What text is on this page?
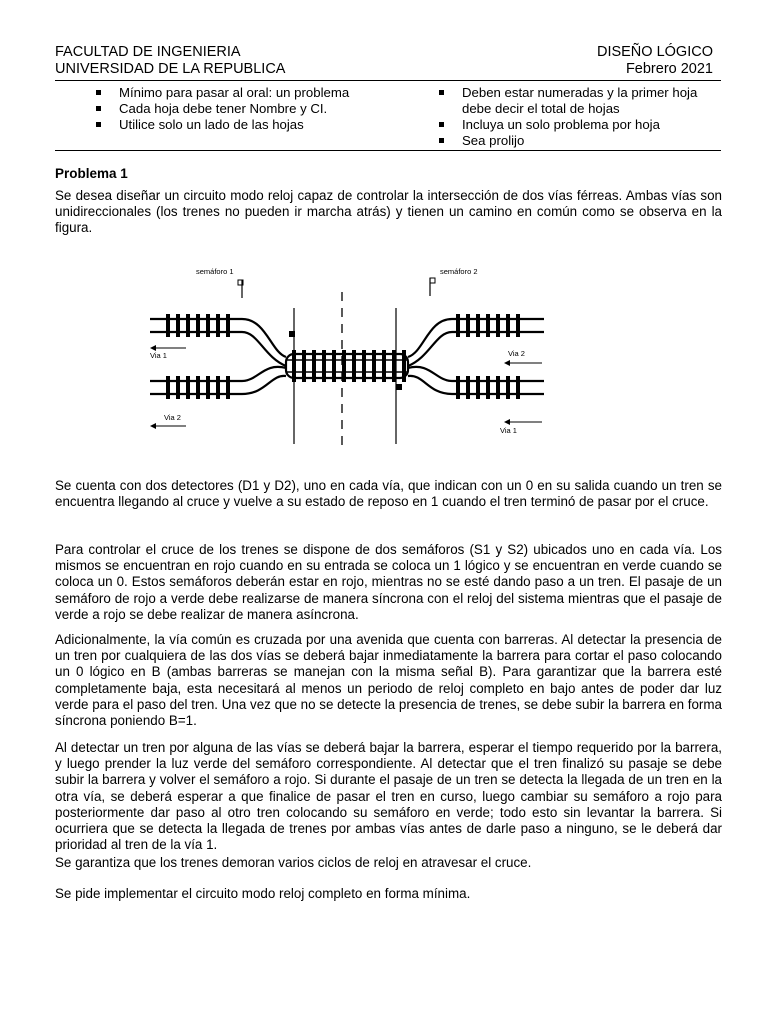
FACULTAD DE INGENIERIA
UNIVERSIDAD DE LA REPUBLICA
DISEÑO LÓGICO
Febrero 2021
Mínimo para pasar al oral: un problema
Cada hoja debe tener Nombre y CI.
Utilice solo un lado de las hojas
Deben estar numeradas y la primer hoja debe decir el total de hojas
Incluya un solo problema por hoja
Sea prolijo
Problema 1

Se desea diseñar un circuito modo reloj capaz de controlar la intersección de dos vías férreas. Ambas vías son unidireccionales (los trenes no pueden ir marcha atrás) y tienen un camino en común como se observa en la figura.

semáforo 1	semáforo 2
Via 1
Via 2
Via 2
Via 1

Se cuenta con dos detectores (D1 y D2), uno en cada vía, que indican con un 0 en su salida cuando un tren se encuentra llegando al cruce y vuelve a su estado de reposo en 1 cuando el tren terminó de pasar por el cruce.

Para controlar el cruce de los trenes se dispone de dos semáforos (S1 y S2) ubicados uno en cada vía. Los mismos se encuentran en rojo cuando en su entrada se coloca un 1 lógico y se encuentran en verde cuando se coloca un 0. Estos semáforos deberán estar en rojo, mientras no se esté dando paso a un tren. El pasaje de un semáforo de rojo a verde debe realizarse de manera síncrona con el reloj del sistema mientras que el pasaje de verde a rojo se debe realizar de manera asíncrona.

Adicionalmente, la vía común es cruzada por una avenida que cuenta con barreras. Al detectar la presencia de un tren por cualquiera de las dos vías se deberá bajar inmediatamente la barrera para cortar el paso colocando un 0 lógico en B (ambas barreras se manejan con la misma señal B). Para garantizar que la barrera esté completamente baja, esta necesitará al menos un periodo de reloj completo en bajo antes de poder dar luz verde para el paso del tren. Una vez que no se detecte la presencia de trenes, se debe subir la barrera en forma síncrona poniendo B=1.

Al detectar un tren por alguna de las vías se deberá bajar la barrera, esperar el tiempo requerido por la barrera, y luego prender la luz verde del semáforo correspondiente. Al detectar que el tren finalizó su pasaje se debe subir la barrera y volver el semáforo a rojo. Si durante el pasaje de un tren se detecta la llegada de un tren en la otra vía, se deberá esperar a que finalice de pasar el tren en curso, luego cambiar su semáforo a rojo para posteriormente dar paso al otro tren colocando su semáforo en verde; todo esto sin levantar la barrera. Si ocurriera que se detecta la llegada de trenes por ambas vías antes de darle paso a ninguno, se le deberá dar prioridad al tren de la vía 1.

Se garantiza que los trenes demoran varios ciclos de reloj en atravesar el cruce.

Se pide implementar el circuito modo reloj completo en forma mínima.
